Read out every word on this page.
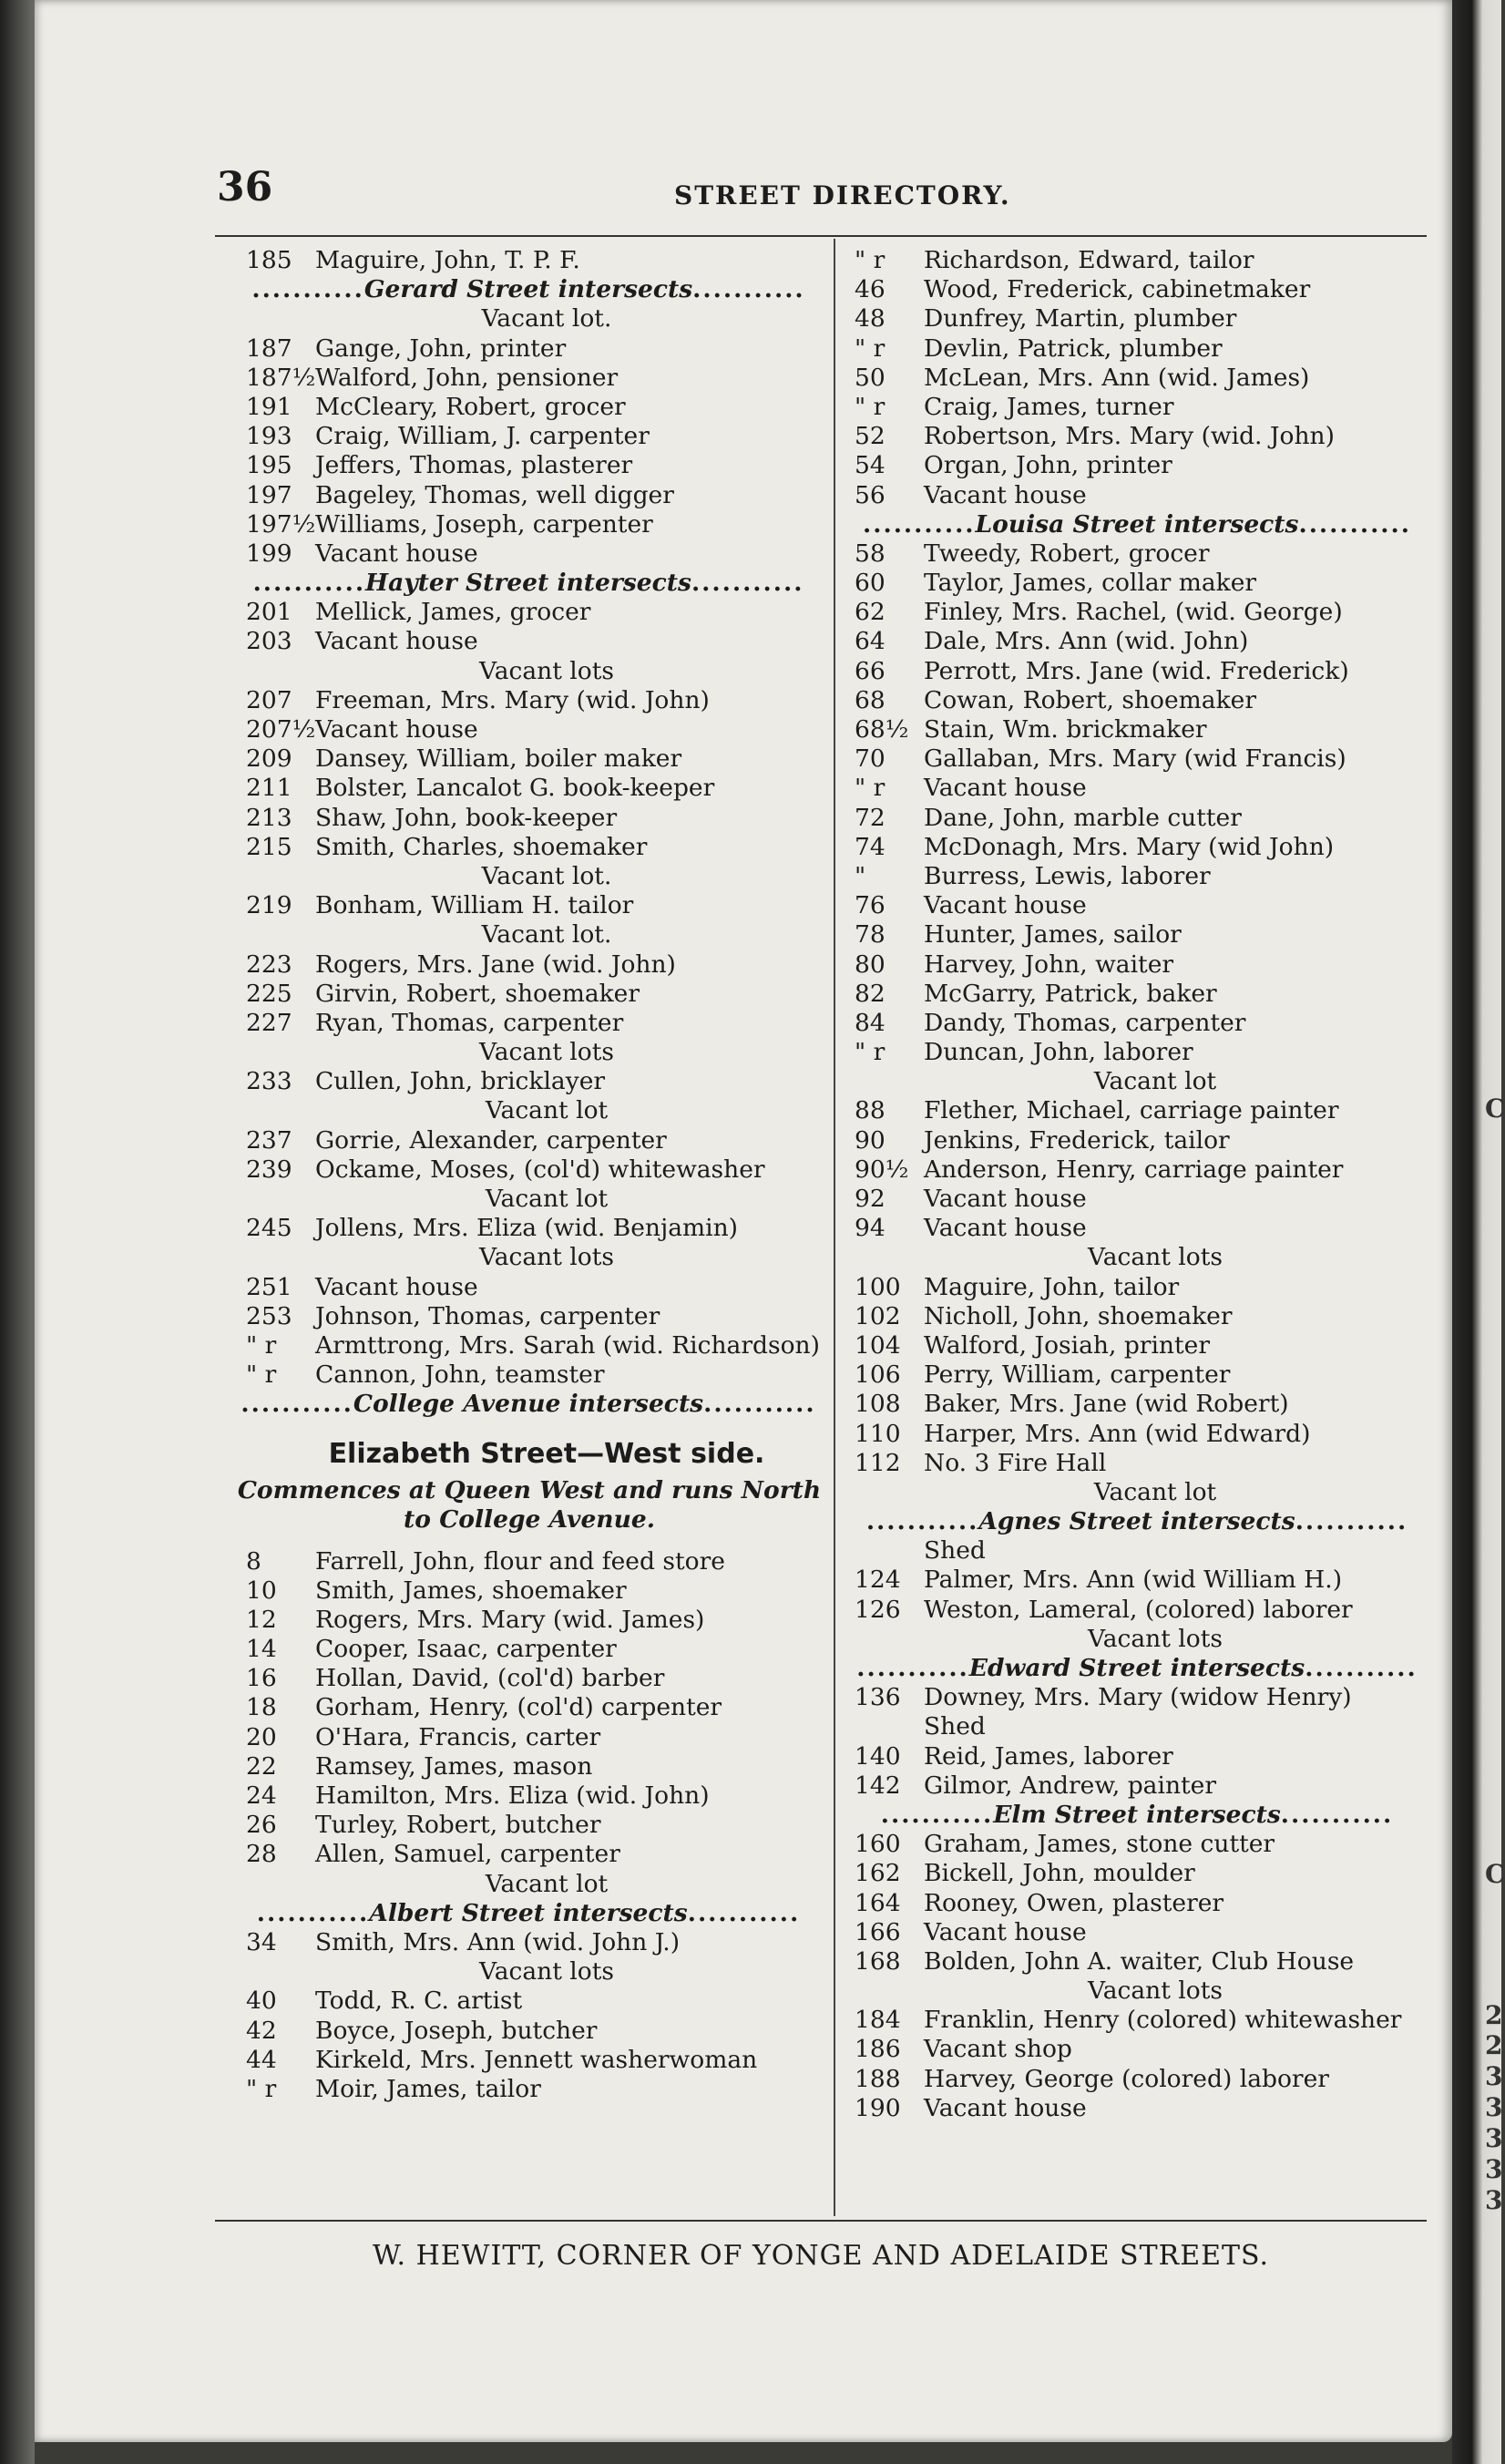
C
C
2
2
3
3
3
3
3
36	STREET DIRECTORY.
185 Maguire, John, T. P. F.
..... Gerard Street intersects .....
Vacant lot.
187 Gange, John, printer
187½ Walford, John, pensioner
191 McCleary, Robert, grocer
193 Craig, William, J. carpenter
195 Jeffers, Thomas, plasterer
197 Bageley, Thomas, well digger
197½ Williams, Joseph, carpenter
199 Vacant house
..... Hayter Street intersects .....
201 Mellick, James, grocer
203 Vacant house
Vacant lots
207 Freeman, Mrs. Mary (wid. John)
207½ Vacant house
209 Dansey, William, boiler maker
211 Bolster, Lancalot G. book-keeper
213 Shaw, John, book-keeper
215 Smith, Charles, shoemaker
Vacant lot.
219 Bonham, William H. tailor
Vacant lot.
223 Rogers, Mrs. Jane (wid. John)
225 Girvin, Robert, shoemaker
227 Ryan, Thomas, carpenter
Vacant lots
233 Cullen, John, bricklayer
Vacant lot
237 Gorrie, Alexander, carpenter
239 Ockame, Moses, (col'd) whitewasher
Vacant lot
245 Jollens, Mrs. Eliza (wid. Benjamin)
Vacant lots
251 Vacant house
253 Johnson, Thomas, carpenter
" r	Armttrong, Mrs. Sarah (wid. Richardson)
" r	Cannon, John, teamster
..... College Avenue intersects .....
Elizabeth Street—West side.
Commences at Queen West and runs North to College Avenue.
8	Farrell, John, flour and feed store
10	Smith, James, shoemaker
12	Rogers, Mrs. Mary (wid. James)
14	Cooper, Isaac, carpenter
16	Hollan, David, (col'd) barber
18	Gorham, Henry, (col'd) carpenter
20	O'Hara, Francis, carter
22	Ramsey, James, mason
24	Hamilton, Mrs. Eliza (wid. John)
26	Turley, Robert, butcher
28	Allen, Samuel, carpenter
Vacant lot
..... Albert Street intersects .....
34	Smith, Mrs. Ann (wid. John J.)
Vacant lots
40	Todd, R. C. artist
42	Boyce, Joseph, butcher
44	Kirkeld, Mrs. Jennett washerwoman
" r	Moir, James, tailor
" r	Richardson, Edward, tailor
46	Wood, Frederick, cabinetmaker
48	Dunfrey, Martin, plumber
" r	Devlin, Patrick, plumber
50	McLean, Mrs. Ann (wid. James)
" r	Craig, James, turner
52	Robertson, Mrs. Mary (wid. John)
54	Organ, John, printer
56	Vacant house
..... Louisa Street intersects .....
58	Tweedy, Robert, grocer
60	Taylor, James, collar maker
62	Finley, Mrs. Rachel, (wid. George)
64	Dale, Mrs. Ann (wid. John)
66	Perrott, Mrs. Jane (wid. Frederick)
68	Cowan, Robert, shoemaker
68½ Stain, Wm. brickmaker
70	Gallaban, Mrs. Mary (wid Francis)
" r	Vacant house
72	Dane, John, marble cutter
74	McDonagh, Mrs. Mary (wid John)
"	Burress, Lewis, laborer
76	Vacant house
78	Hunter, James, sailor
80	Harvey, John, waiter
82	McGarry, Patrick, baker
84	Dandy, Thomas, carpenter
" r	Duncan, John, laborer
Vacant lot
88	Flether, Michael, carriage painter
90	Jenkins, Frederick, tailor
90½ Anderson, Henry, carriage painter
92	Vacant house
94	Vacant house
Vacant lots
100 Maguire, John, tailor
102 Nicholl, John, shoemaker
104 Walford, Josiah, printer
106 Perry, William, carpenter
108 Baker, Mrs. Jane (wid Robert)
110 Harper, Mrs. Ann (wid Edward)
112 No. 3 Fire Hall
Vacant lot
..... Agnes Street intersects .....
Shed
124 Palmer, Mrs. Ann (wid William H.)
126 Weston, Lameral, (colored) laborer
Vacant lots
..... Edward Street intersects .....
136 Downey, Mrs. Mary (widow Henry)
Shed
140 Reid, James, laborer
142 Gilmor, Andrew, painter
..... Elm Street intersects .....
160 Graham, James, stone cutter
162 Bickell, John, moulder
164 Rooney, Owen, plasterer
166 Vacant house
168 Bolden, John A. waiter, Club House
Vacant lots
184 Franklin, Henry (colored) whitewasher
186 Vacant shop
188 Harvey, George (colored) laborer
190 Vacant house
W. HEWITT, CORNER OF YONGE AND ADELAIDE STREETS.
